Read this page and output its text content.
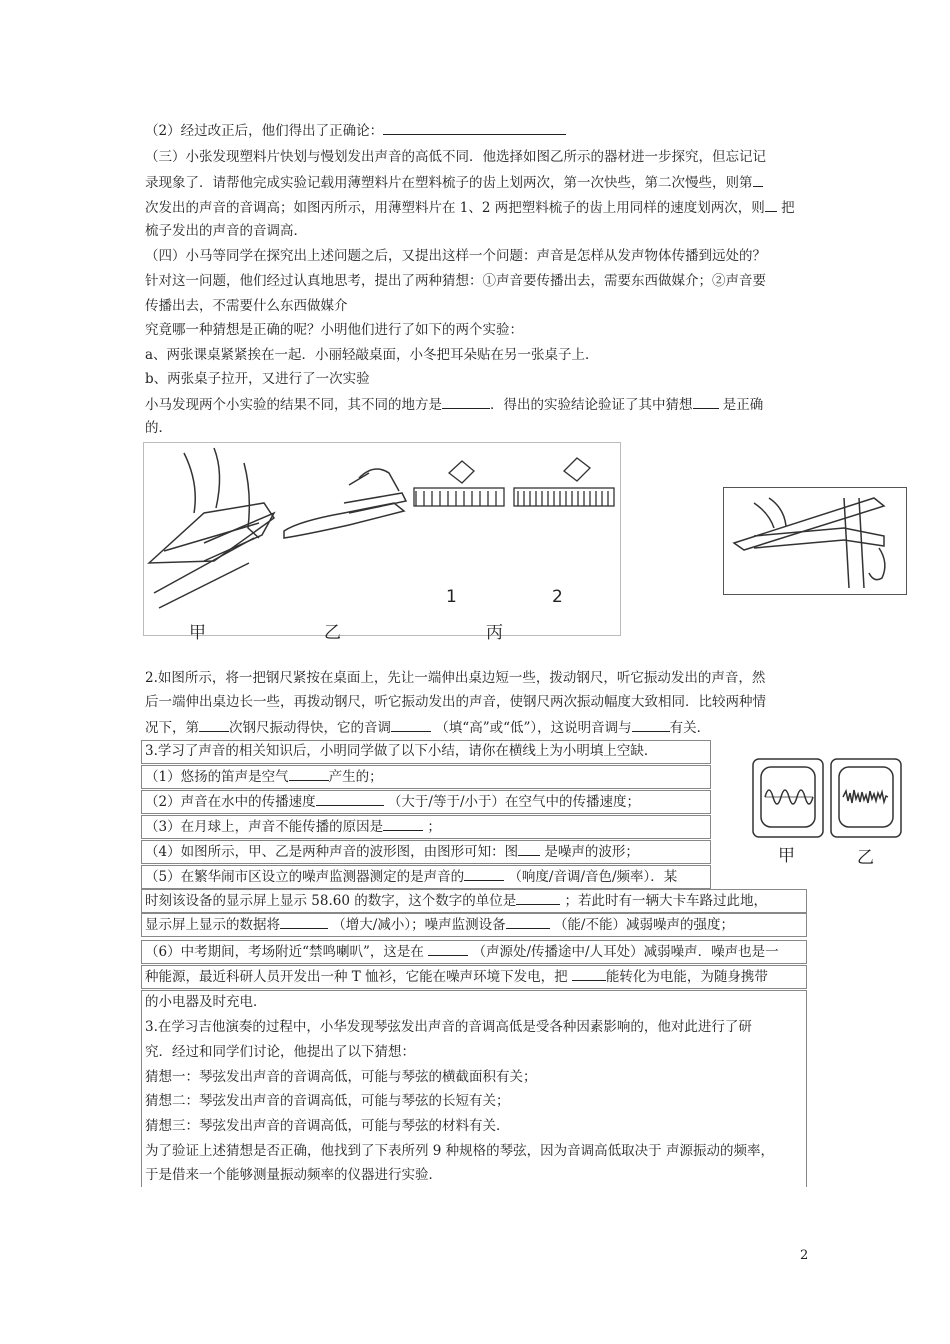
（2）经过改正后，他们得出了正确论：
（三）小张发现塑料片快划与慢划发出声音的高低不同．他选择如图乙所示的器材进一步探究，但忘记记
录现象了．请帮他完成实验记载用薄塑料片在塑料梳子的齿上划两次，第一次快些，第二次慢些，则第
次发出的声音的音调高；如图丙所示，用薄塑料片在 1、2 两把塑料梳子的齿上用同样的速度划两次，则 把
梳子发出的声音的音调高．
（四）小马等同学在探究出上述问题之后，又提出这样一个问题：声音是怎样从发声物体传播到远处的？
针对这一问题，他们经过认真地思考，提出了两种猜想：①声音要传播出去，需要东西做媒介；②声音要
传播出去，不需要什么东西做媒介
究竟哪一种猜想是正确的呢？小明他们进行了如下的两个实验：
a、两张课桌紧紧挨在一起．小丽轻敲桌面，小冬把耳朵贴在另一张桌子上．
b、两张桌子拉开，又进行了一次实验
小马发现两个小实验的结果不同，其不同的地方是	．得出的实验结论验证了其中猜想 是正确
的．
甲	乙	丙
1	2
2.如图所示，将一把钢尺紧按在桌面上，先让一端伸出桌边短一些，拨动钢尺，听它振动发出的声音，然
后一端伸出桌边长一些，再拨动钢尺，听它振动发出的声音，使钢尺两次振动幅度大致相同．比较两种情
况下，第 次钢尺振动得快，它的音调	（填“高”或“低”），这说明音调与	有关．
3.学习了声音的相关知识后，小明同学做了以下小结，请你在横线上为小明填上空缺．
（1）悠扬的笛声是空气	产生的；
（2）声音在水中的传播速度	（大于/等于/小于）在空气中的传播速度；
（3）在月球上，声音不能传播的原因是	；
（4）如图所示，甲、乙是两种声音的波形图，由图形可知：图 是噪声的波形；
（5）在繁华闹市区设立的噪声监测器测定的是声音的	（响度/音调/音色/频率）．某
时刻该设备的显示屏上显示 58.60 的数字，这个数字的单位是	；若此时有一辆大卡车路过此地，
显示屏上显示的数据将	（增大/减小）；噪声监测设备	（能/不能）减弱噪声的强度；
（6）中考期间，考场附近“禁鸣喇叭”，这是在	（声源处/传播途中/人耳处）减弱噪声．噪声也是一
种能源，最近科研人员开发出一种 T 恤衫，它能在噪声环境下发电，把	能转化为电能，为随身携带
的小电器及时充电．
3.在学习吉他演奏的过程中，小华发现琴弦发出声音的音调高低是受各种因素影响的，他对此进行了研
究．经过和同学们讨论，他提出了以下猜想：
猜想一：琴弦发出声音的音调高低，可能与琴弦的横截面积有关；
猜想二：琴弦发出声音的音调高低，可能与琴弦的长短有关；
猜想三：琴弦发出声音的音调高低，可能与琴弦的材料有关．
为了验证上述猜想是否正确，他找到了下表所列 9 种规格的琴弦，因为音调高低取决于 声源振动的频率，
于是借来一个能够测量振动频率的仪器进行实验．
甲	乙
2
